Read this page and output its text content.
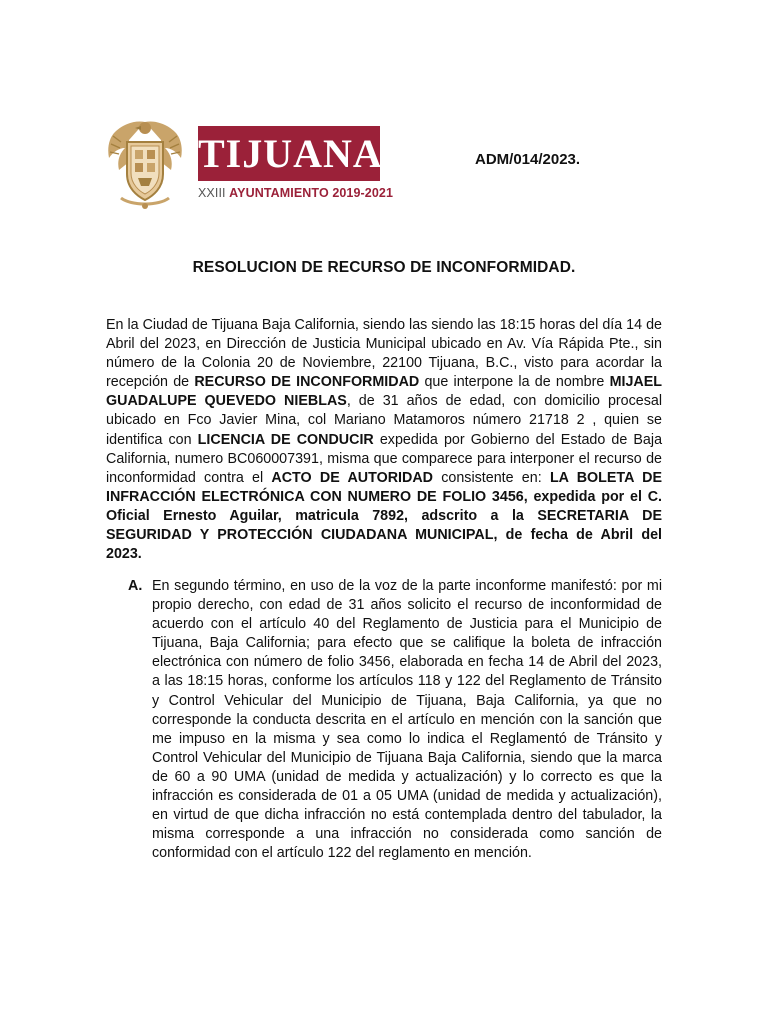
TIJUANA
XXIII AYUNTAMIENTO 2019-2021
ADM/014/2023.
RESOLUCION DE RECURSO DE INCONFORMIDAD.
En la Ciudad de Tijuana Baja California, siendo las siendo las 18:15 horas del día 14 de Abril del 2023, en Dirección de Justicia Municipal ubicado en Av. Vía Rápida Pte., sin número de la Colonia 20 de Noviembre, 22100 Tijuana, B.C., visto para acordar la recepción de RECURSO DE INCONFORMIDAD que interpone la de nombre MIJAEL GUADALUPE QUEVEDO NIEBLAS, de 31 años de edad, con domicilio procesal ubicado en Fco Javier Mina, col Mariano Matamoros número 21718 2 , quien se identifica con LICENCIA DE CONDUCIR expedida por Gobierno del Estado de Baja California, numero BC060007391, misma que comparece para interponer el recurso de inconformidad contra el ACTO DE AUTORIDAD consistente en: LA BOLETA DE INFRACCIÓN ELECTRÓNICA CON NUMERO DE FOLIO 3456, expedida por el C. Oficial Ernesto Aguilar, matricula 7892, adscrito a la SECRETARIA DE SEGURIDAD Y PROTECCIÓN CIUDADANA MUNICIPAL, de fecha de Abril del 2023.
A. En segundo término, en uso de la voz de la parte inconforme manifestó: por mi propio derecho, con edad de 31 años solicito el recurso de inconformidad de acuerdo con el artículo 40 del Reglamento de Justicia para el Municipio de Tijuana, Baja California; para efecto que se califique la boleta de infracción electrónica con número de folio 3456, elaborada en fecha 14 de Abril del 2023, a las 18:15 horas, conforme los artículos 118 y 122 del Reglamento de Tránsito y Control Vehicular del Municipio de Tijuana, Baja California, ya que no corresponde la conducta descrita en el artículo en mención con la sanción que me impuso en la misma y sea como lo indica el Reglamentó de Tránsito y Control Vehicular del Municipio de Tijuana Baja California, siendo que la marca de 60 a 90 UMA (unidad de medida y actualización) y lo correcto es que la infracción es considerada de 01 a 05 UMA (unidad de medida y actualización), en virtud de que dicha infracción no está contemplada dentro del tabulador, la misma corresponde a una infracción no considerada como sanción de conformidad con el artículo 122 del reglamento en mención.
